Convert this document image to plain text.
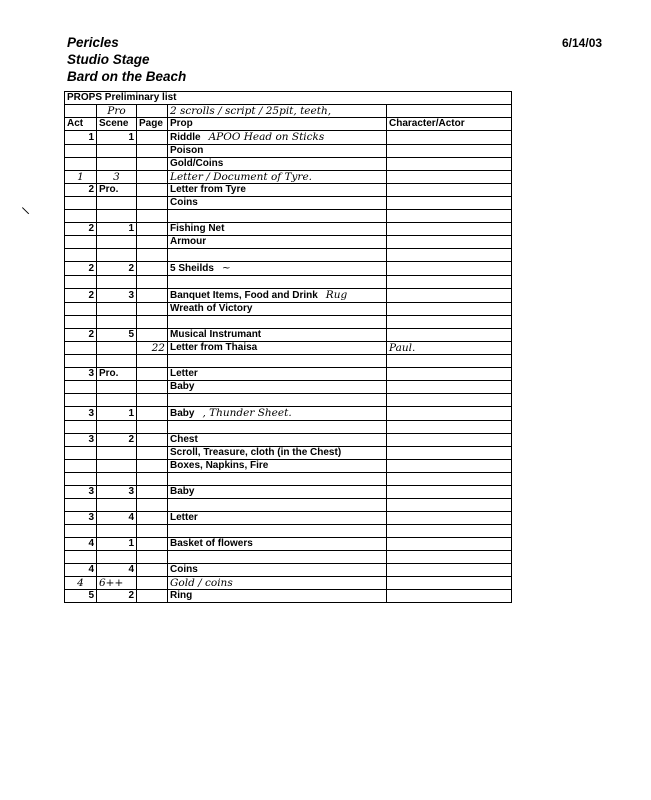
Pericles
Studio Stage
Bard on the Beach
6/14/03
\
PROPS Preliminary list				
	Pro		2 scrolls / script / 25pit, teeth,	
Act	Scene	Page	Prop	Character/Actor
1	1		Riddle APOO Head on Sticks	
			Poison	
			Gold/Coins	
1	3		Letter / Document of Tyre.	
2	Pro.		Letter from Tyre	
			Coins	

2	1		Fishing Net	
			Armour	

2	2		5 Sheilds ~	

2	3		Banquet Items, Food and Drink Rug	
			Wreath of Victory	

2	5		Musical Instrumant	
		22	Letter from Thaisa	Paul.

3	Pro.		Letter	
			Baby	

3	1		Baby , Thunder Sheet.	

3	2		Chest	
			Scroll, Treasure, cloth (in the Chest)	
			Boxes, Napkins, Fire	

3	3		Baby	

3	4		Letter	

4	1		Basket of flowers	

4	4		Coins	
4	6++		Gold / coins	
5	2		Ring	
